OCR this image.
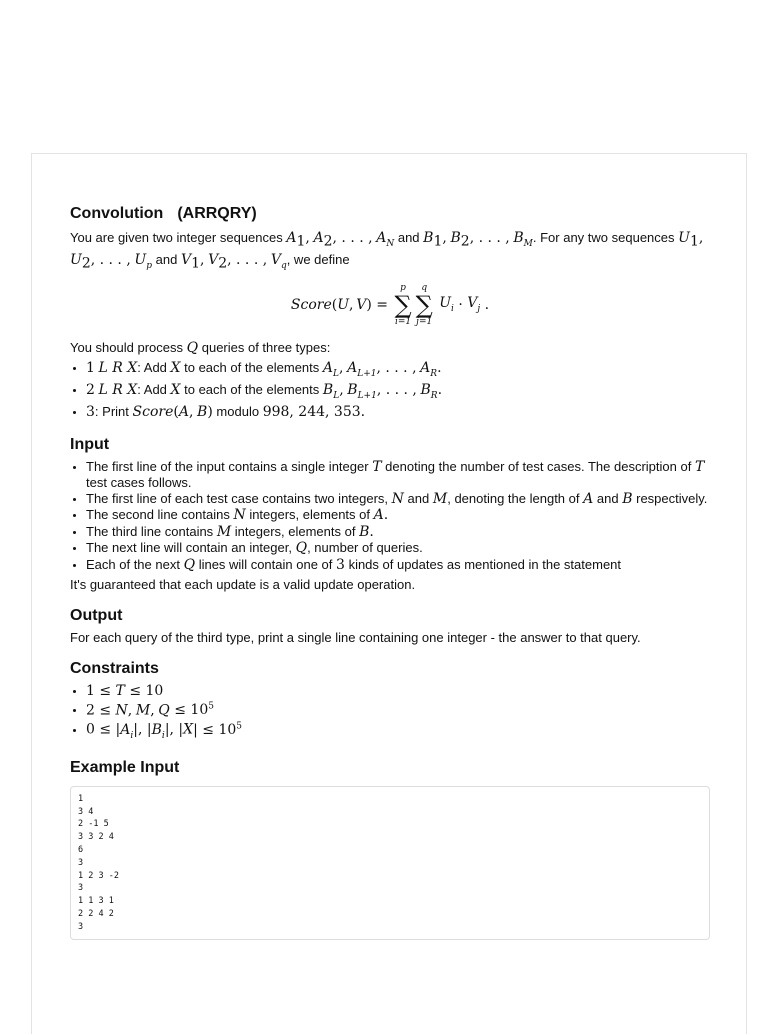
Convolution (ARRQRY)

You are given two integer sequences $A_1$, $A_2$, . . . , $A_N$ and $B_1$, $B_2$, . . . , $B_M$. For any two sequences $U_1$, $U_2$, . . . , $U_p$ and $V_1$, $V_2$, . . . , $V_q$, we define

Score ( U ,  V ) =
p
∑
i=1
q
∑
j=1
$U_i \cdot V_j$ .

You should process Q queries of three types:

• 1 L R X: Add X to each of the elements $A_L$, $A_{L+1}$, . . . , $A_R$.
• 2 L R X: Add X to each of the elements $B_L$, $B_{L+1}$, . . . , $B_R$.
• 3: Print Score(A, B) modulo 998, 244, 353.
Input
• The first line of the input contains a single integer T denoting the number of test cases. The description of T test cases follows.
• The first line of each test case contains two integers, N and M, denoting the length of A and B respectively.
• The second line contains N integers, elements of A.
• The third line contains M integers, elements of B.
• The next line will contain an integer, Q, number of queries.
• Each of the next Q lines will contain one of 3 kinds of updates as mentioned in the statement

It's guaranteed that each update is a valid update operation.

Output

For each query of the third type, print a single line containing one integer - the answer to that query.

Constraints
• 1 ≤ T ≤ 10
• 2 ≤ N, M, $Q \le 10^5$
• $0 \le |A_i|$, $|B_i|$, $|X| \le 10^5$
Example Input
1
3 4
2 -1 5
3 3 2 4
6
3
1 2 3 -2
3
1 1 3 1
2 2 4 2
3
